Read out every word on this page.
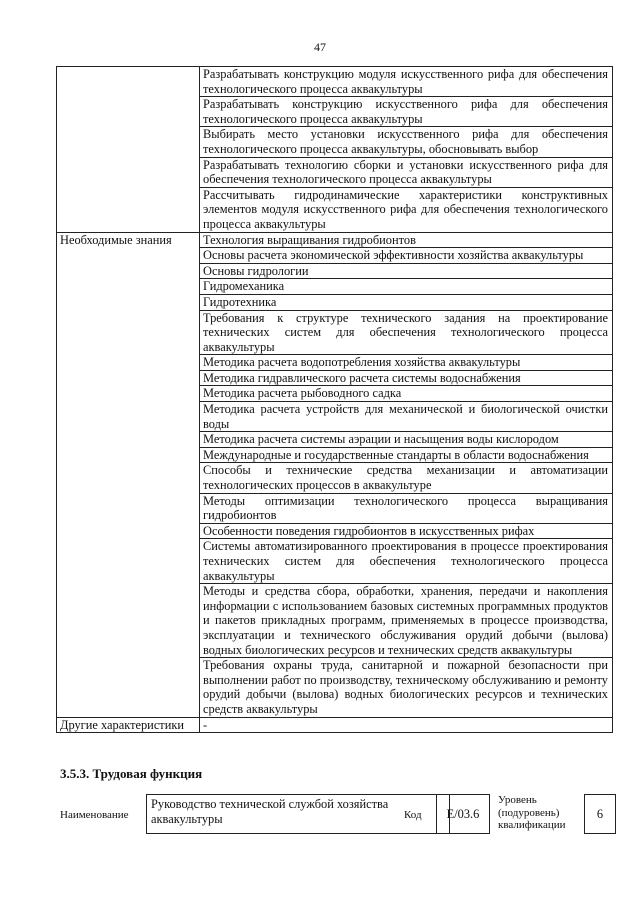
47
	Разрабатывать конструкцию модуля искусственного рифа для обеспечения технологического процесса аквакультуры
	Разрабатывать конструкцию искусственного рифа для обеспечения технологического процесса аквакультуры
	Выбирать место установки искусственного рифа для обеспечения технологического процесса аквакультуры, обосновывать выбор
	Разрабатывать технологию сборки и установки искусственного рифа для обеспечения технологического процесса аквакультуры
	Рассчитывать гидродинамические характеристики конструктивных элементов модуля искусственного рифа для обеспечения технологического процесса аквакультуры
Необходимые знания	Технология выращивания гидробионтов
	Основы расчета экономической эффективности хозяйства аквакультуры
	Основы гидрологии
	Гидромеханика
	Гидротехника
	Требования к структуре технического задания на проектирование технических систем для обеспечения технологического процесса аквакультуры
	Методика расчета водопотребления хозяйства аквакультуры
	Методика гидравлического расчета системы водоснабжения
	Методика расчета рыбоводного садка
	Методика расчета устройств для механической и биологической очистки воды
	Методика расчета системы аэрации и насыщения воды кислородом
	Международные и государственные стандарты в области водоснабжения
	Способы и технические средства механизации и автоматизации технологических процессов в аквакультуре
	Методы оптимизации технологического процесса выращивания гидробионтов
	Особенности поведения гидробионтов в искусственных рифах
	Системы автоматизированного проектирования в процессе проектирования технических систем для обеспечения технологического процесса аквакультуры
	Методы и средства сбора, обработки, хранения, передачи и накопления информации с использованием базовых системных программных продуктов и пакетов прикладных программ, применяемых в процессе производства, эксплуатации и технического обслуживания орудий добычи (вылова) водных биологических ресурсов и технических средств аквакультуры
	Требования охраны труда, санитарной и пожарной безопасности при выполнении работ по производству, техническому обслуживанию и ремонту орудий добычи (вылова) водных биологических ресурсов и технических средств аквакультуры
Другие характеристики	-
3.5.3. Трудовая функция
Наименование
Руководство технической службой хозяйства аквакультуры	Код	E/03.6
Уровень (подуровень) квалификации
6
